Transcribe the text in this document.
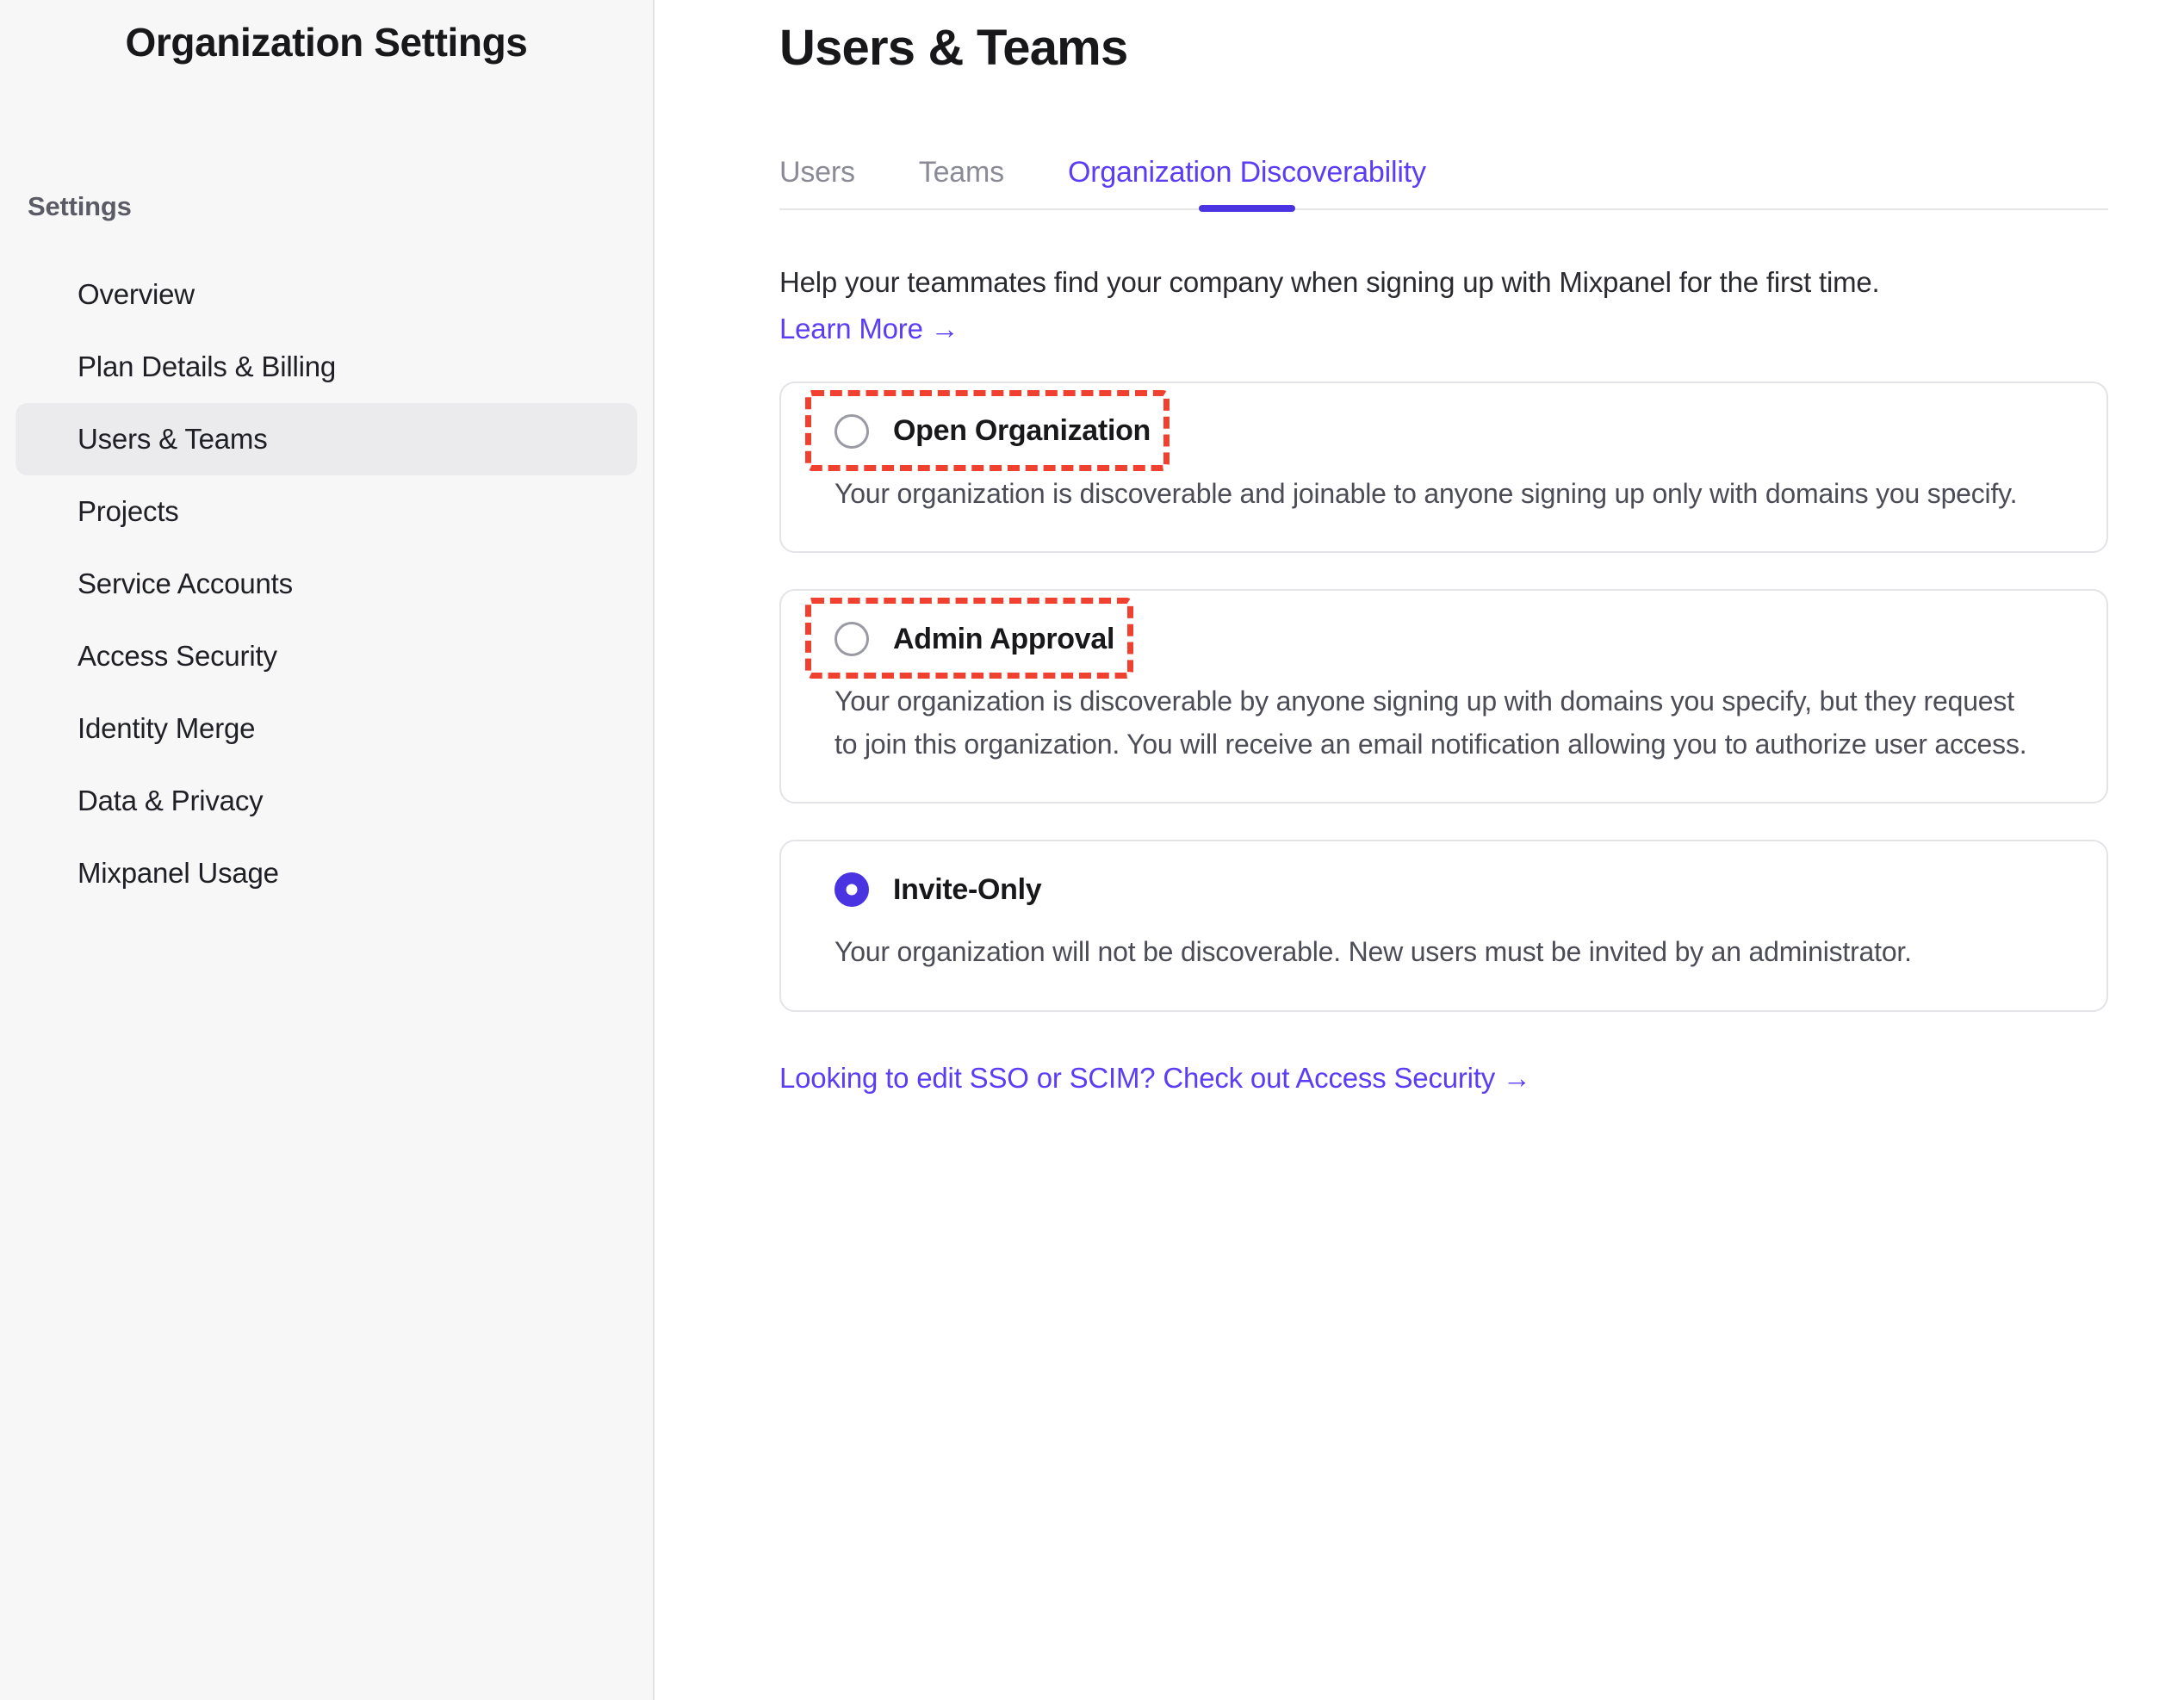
Organization Settings
Settings
Overview
Plan Details & Billing
Users & Teams
Projects
Service Accounts
Access Security
Identity Merge
Data & Privacy
Mixpanel Usage
Users & Teams
Users Teams Organization Discoverability

Help your teammates find your company when signing up with Mixpanel for the first time.

Learn More →
Open Organization

Your organization is discoverable and joinable to anyone signing up only with domains you specify.

Admin Approval

Your organization is discoverable by anyone signing up with domains you specify, but they request to join this organization. You will receive an email notification allowing you to authorize user access.

Invite-Only

Your organization will not be discoverable. New users must be invited by an administrator.

Looking to edit SSO or SCIM? Check out Access Security →
